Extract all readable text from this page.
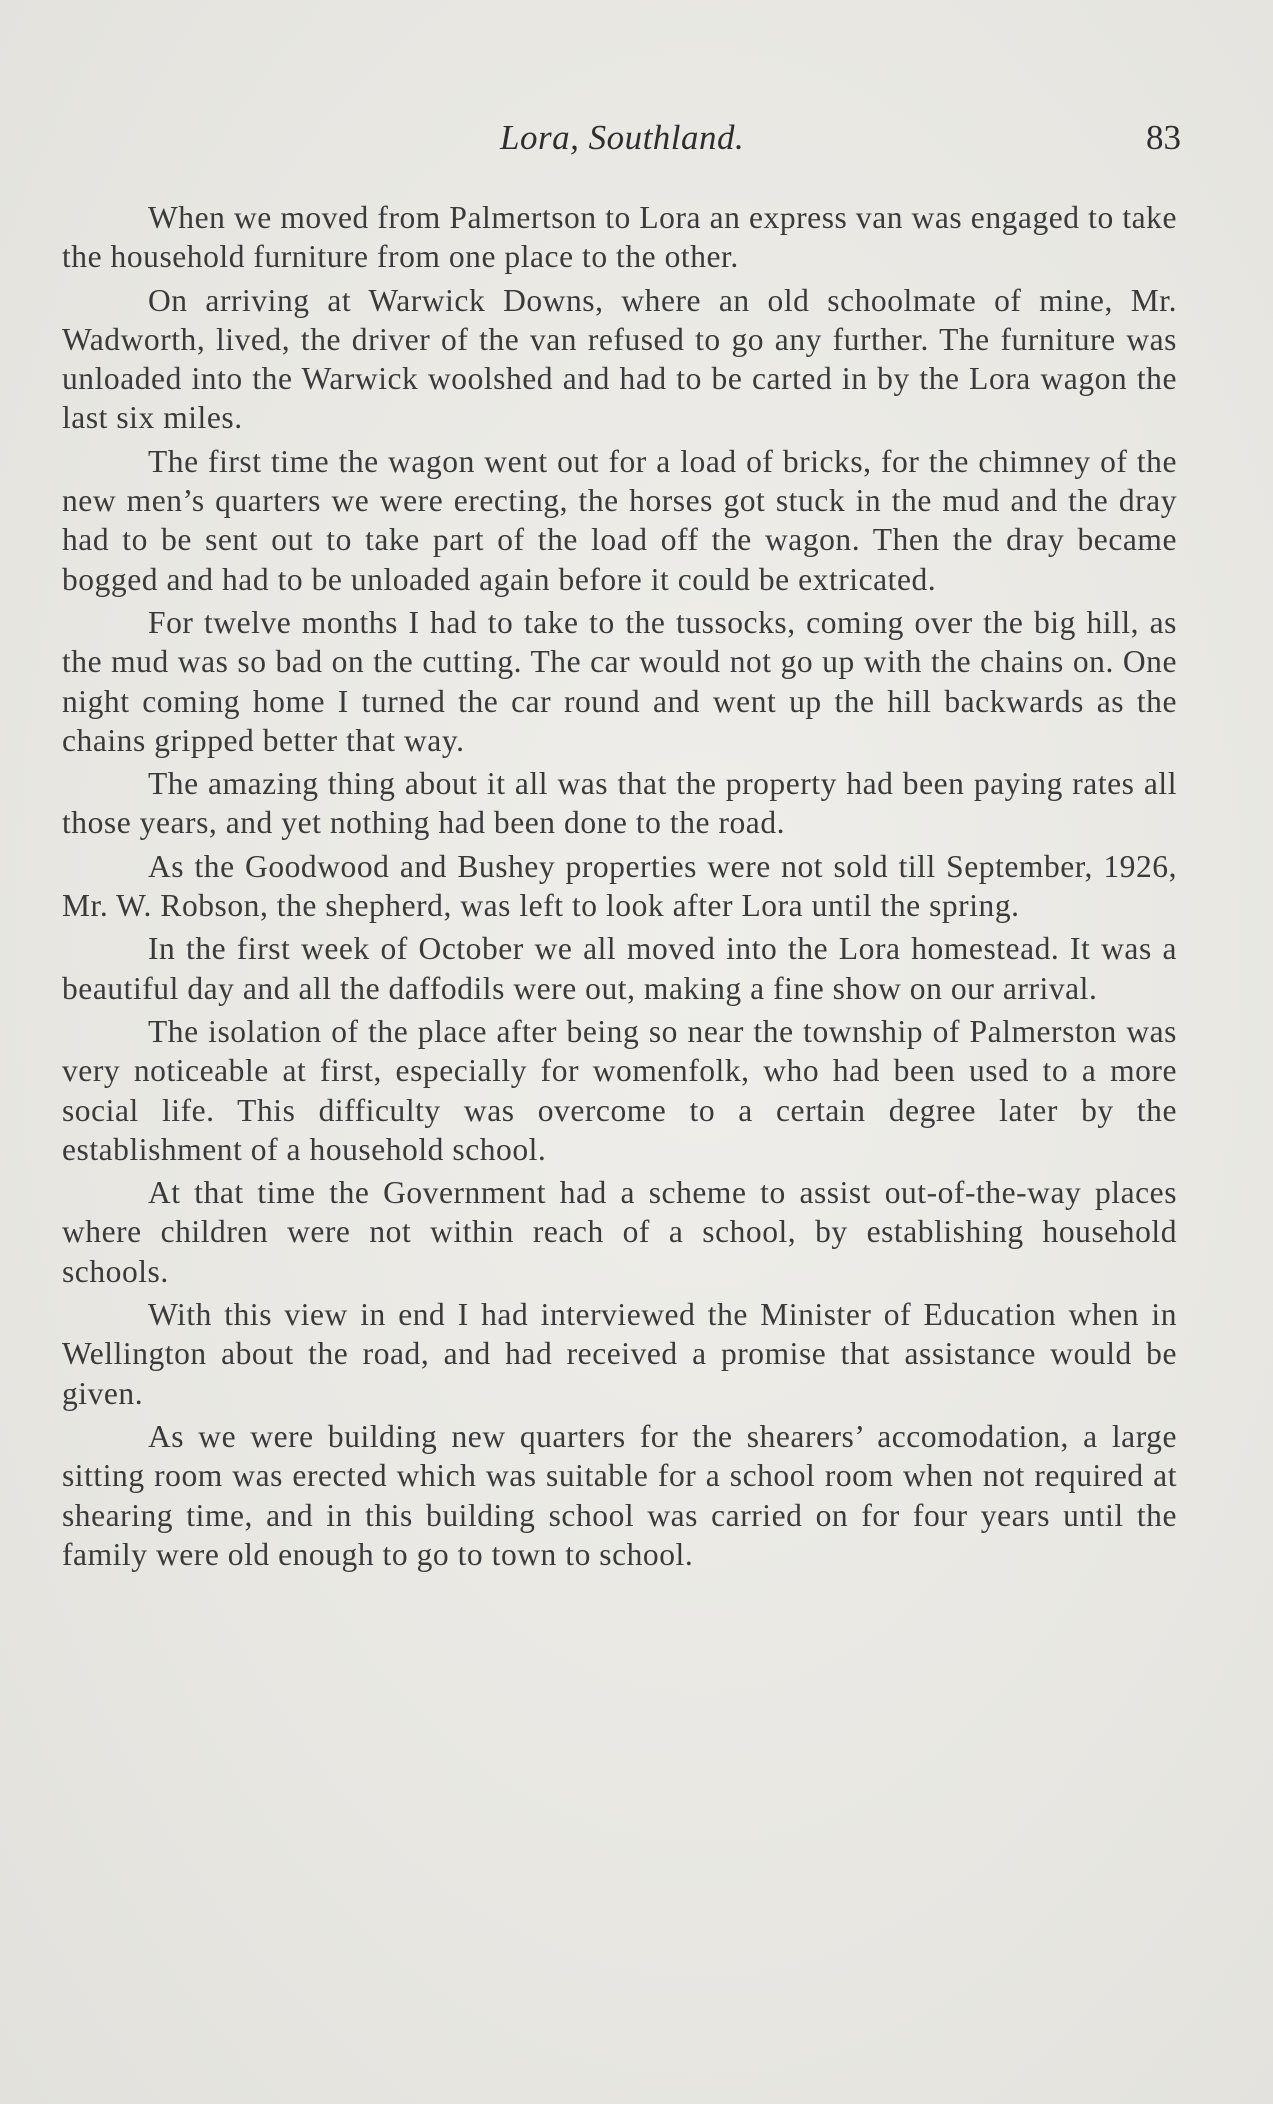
Lora, Southland.	83

When we moved from Palmertson to Lora an express van was engaged to take the household furniture from one place to the other.

On arriving at Warwick Downs, where an old schoolmate of mine, Mr. Wadworth, lived, the driver of the van refused to go any further. The furniture was unloaded into the Warwick woolshed and had to be carted in by the Lora wagon the last six miles.

The first time the wagon went out for a load of bricks, for the chimney of the new men’s quarters we were erecting, the horses got stuck in the mud and the dray had to be sent out to take part of the load off the wagon. Then the dray became bogged and had to be unloaded again before it could be extricated.

For twelve months I had to take to the tussocks, coming over the big hill, as the mud was so bad on the cutting. The car would not go up with the chains on. One night coming home I turned the car round and went up the hill backwards as the chains gripped better that way.

The amazing thing about it all was that the property had been paying rates all those years, and yet nothing had been done to the road.

As the Goodwood and Bushey properties were not sold till September, 1926, Mr. W. Robson, the shepherd, was left to look after Lora until the spring.

In the first week of October we all moved into the Lora homestead. It was a beautiful day and all the daffodils were out, making a fine show on our arrival.

The isolation of the place after being so near the township of Palmerston was very noticeable at first, especially for womenfolk, who had been used to a more social life. This difficulty was overcome to a certain degree later by the establishment of a household school.

At that time the Government had a scheme to assist out-of-the-way places where children were not within reach of a school, by establishing household schools.

With this view in end I had interviewed the Minister of Education when in Wellington about the road, and had received a promise that assistance would be given.

As we were building new quarters for the shearers’ accomodation, a large sitting room was erected which was suitable for a school room when not required at shearing time, and in this building school was carried on for four years until the family were old enough to go to town to school.
